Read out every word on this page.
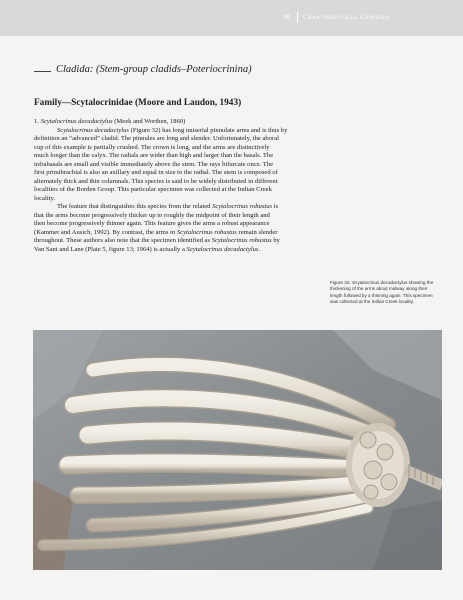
39 Crawfordsville Crinoids
Cladida: (Stem-group cladids–Poteriocrinina)
Family—Scytalocrinidae (Moore and Laudon, 1943)

1. Scytalocrinus decadactylus (Meek and Worthen, 1860)

Scytalocrinus decadactylus (Figure 32) has long uniserial pinnulate arms and is thus by

definition an “advanced” cladid. The pinnules are long and slender. Unfortunately, the aboral

cup of this example is partially crushed. The crown is long, and the arms are distinctively

much longer than the calyx. The radials are wider than high and larger than the basals. The

infrabasals are small and visible immediately above the stem. The rays bifurcate once. The

first primibrachial is also an axillary and equal in size to the radial. The stem is composed of

alternately thick and thin columnals. This species is said to be widely distributed in different

localities of the Borden Group. This particular specimen was collected at the Indian Creek

locality.

The feature that distinguishes this species from the related Scytalocrinus robustus is

that the arms become progressively thicker up to roughly the midpoint of their length and

then become progressively thinner again. This feature gives the arms a robust appearance

(Kammer and Ausich, 1992). By contrast, the arms in Scytalocrinus robustus remain slender

throughout. These authors also note that the specimen identified as Scytalocrinus robustus by

Van Sant and Lane (Plate 5, figure 13; 1964) is actually a Scytalocrinus decadactylus.

Figure 32. Scytalocrinus decadactylus showing the thickening of the arms about midway along their length followed by a thinning again. This specimen was collected at the Indian Creek locality.
